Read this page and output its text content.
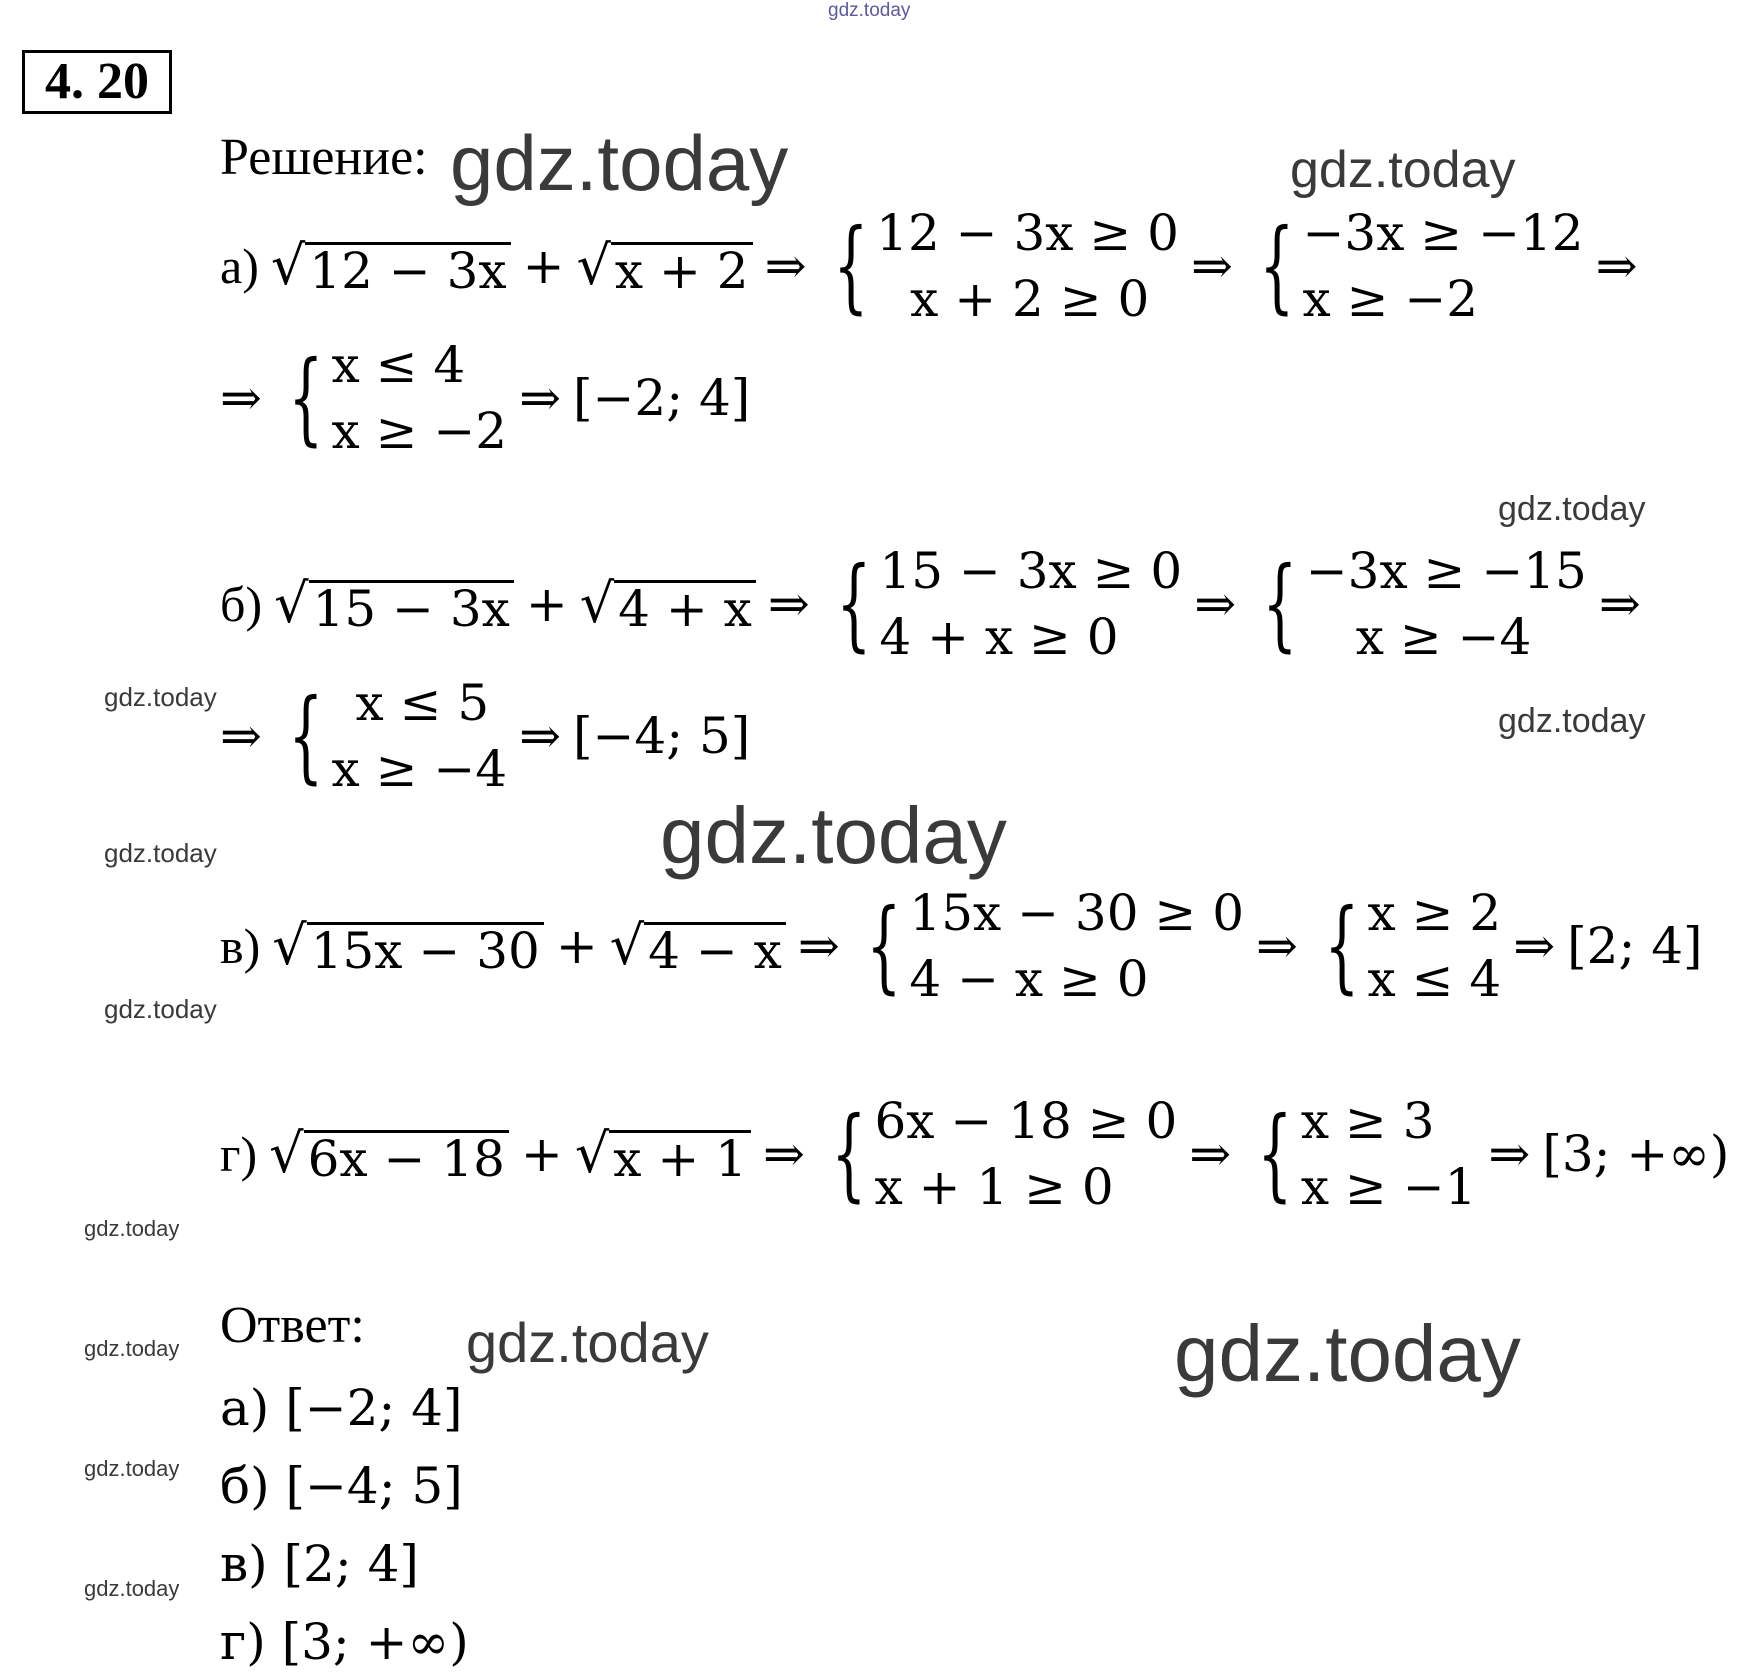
gdz.today
4. 20
Решение: gdz.today	gdz.today
gdz.today
gdz.today
gdz.today
gdz.today
gdz.today
gdz.today
gdz.today
gdz.today
gdz.today
gdz.today
gdz.today	gdz.today
а) √ 12 − 3x + √ x + 2 ⇒ { 12 − 3x ≥ 0
x + 2 ≥ 0
⇒ { −3x ≥ −12
x ≥ −2
⇒
⇒ { x ≤ 4
x ≥ −2
⇒ [−2; 4]
б) √ 15 − 3x + √ 4 + x ⇒ { 15 − 3x ≥ 0
4 + x ≥ 0
⇒ { −3x ≥ −15
x ≥ −4
⇒
⇒ { x ≤ 5
x ≥ −4
⇒ [−4; 5]
в) √ 15x − 30 + √ 4 − x ⇒ { 15x − 30 ≥ 0
4 − x ≥ 0
⇒ { x ≥ 2
x ≤ 4
⇒ [2; 4]
г) √ 6x − 18 + √ x + 1 ⇒ { 6x − 18 ≥ 0
x + 1 ≥ 0
⇒ { x ≥ 3
x ≥ −1
⇒ [3; +∞)
Ответ:
а) [−2; 4]
б) [−4; 5]
в) [2; 4]
г) [3; +∞)
